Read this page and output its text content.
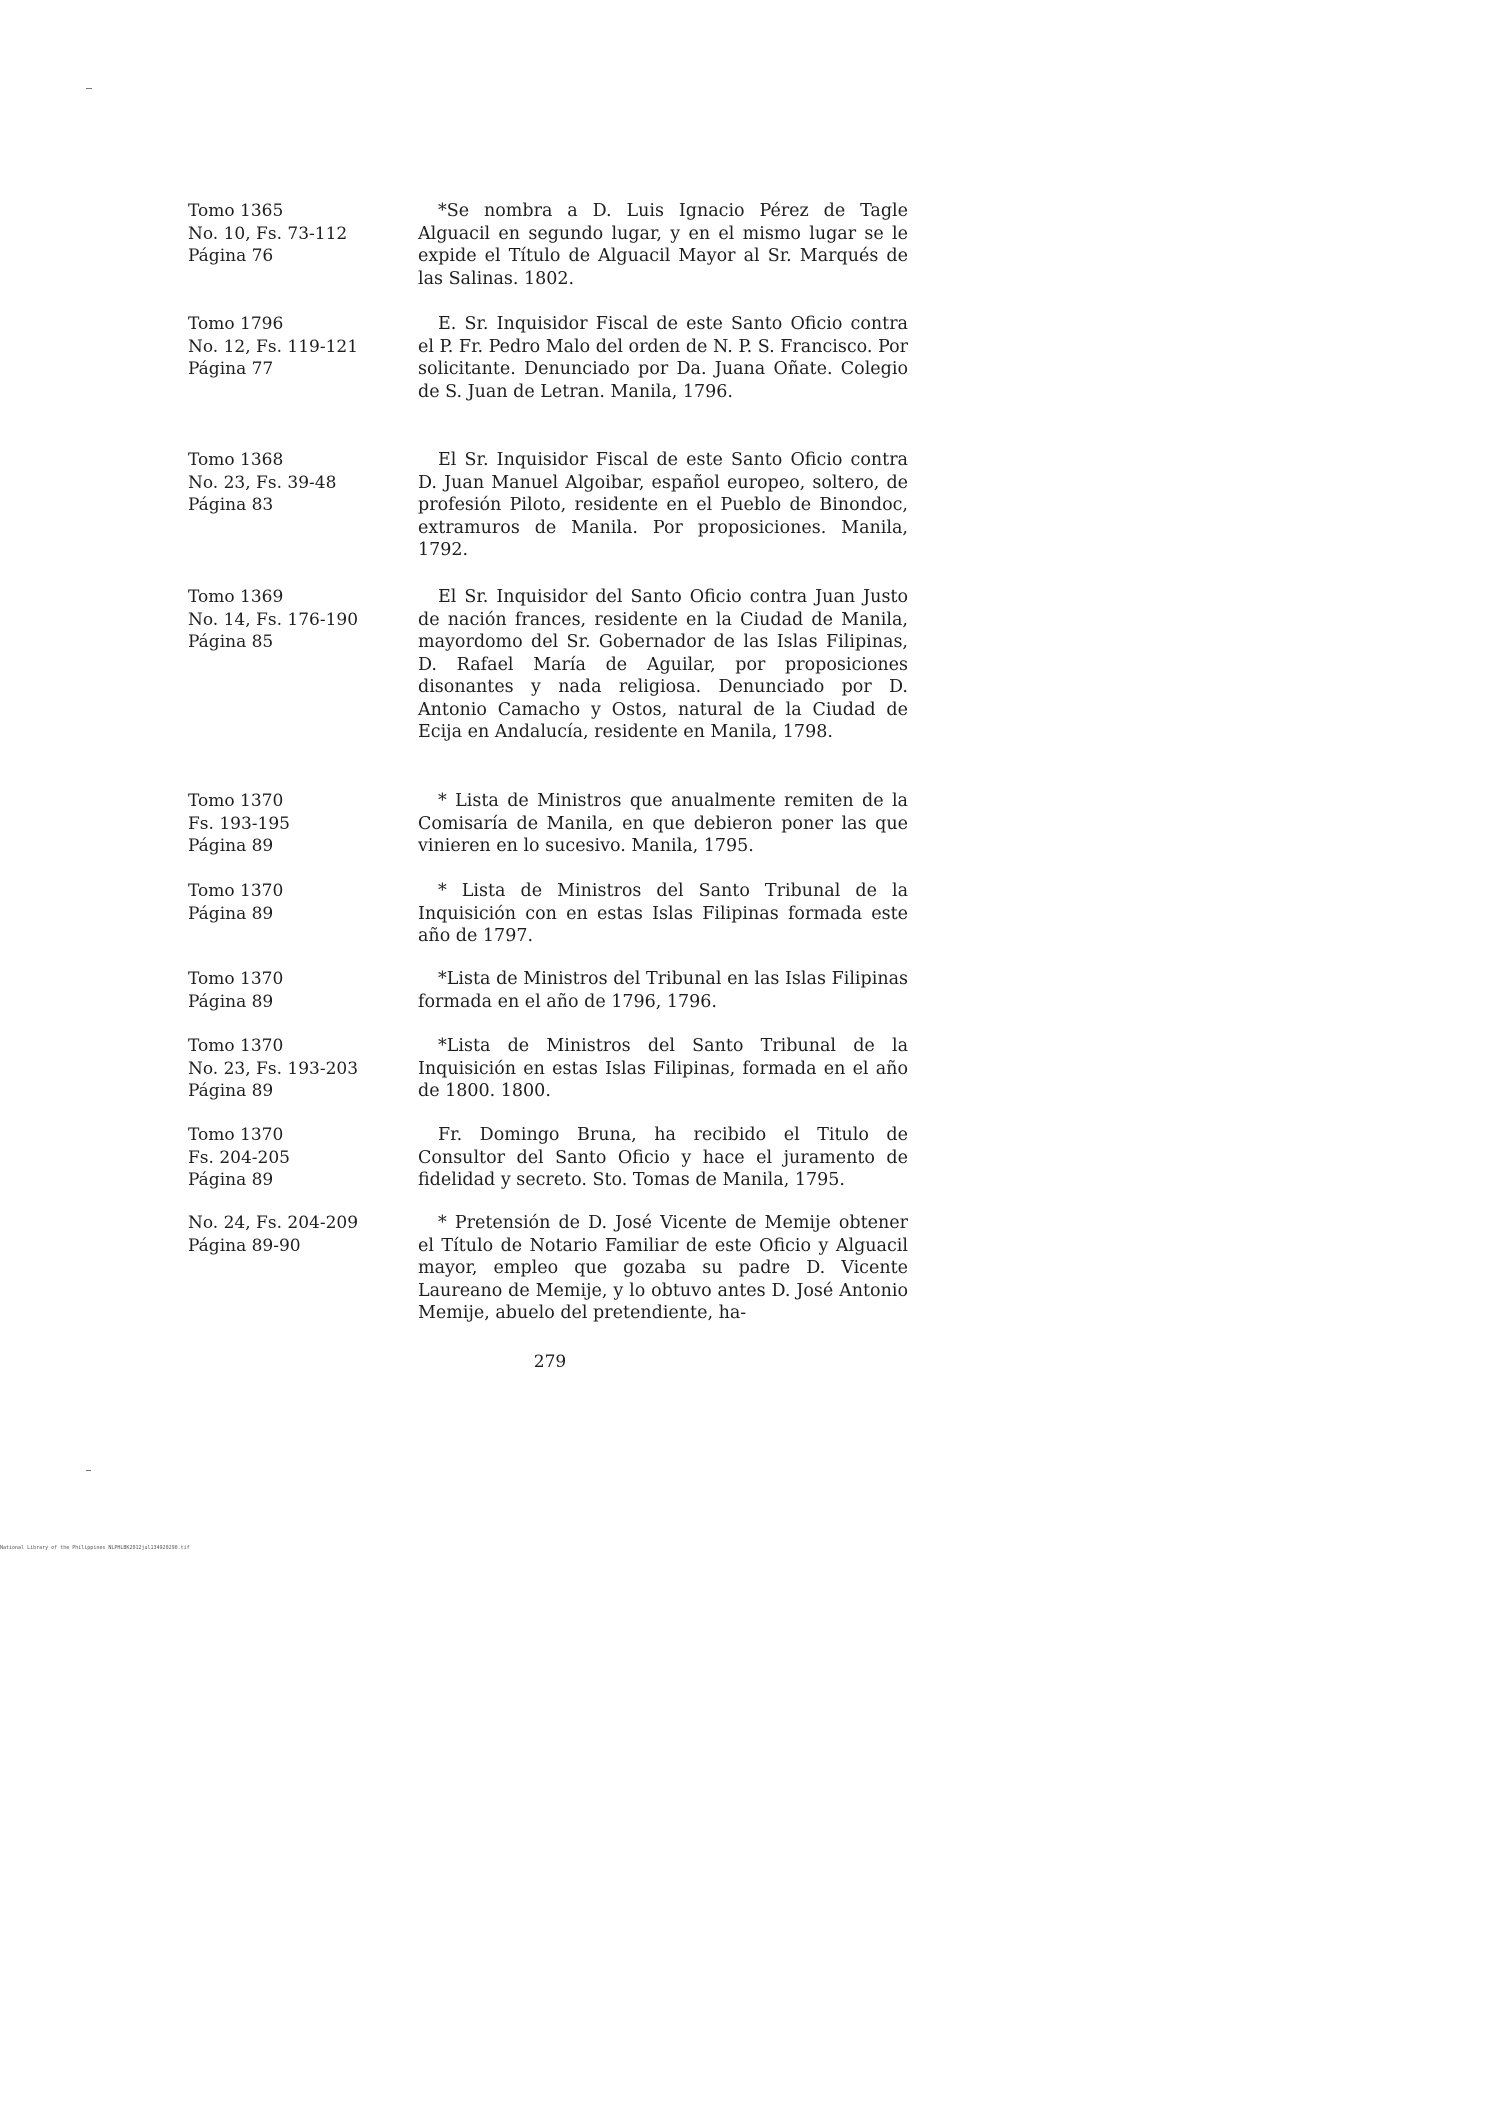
Tomo 1365
No. 10, Fs. 73-112
Página 76
*Se nombra a D. Luis Ignacio Pérez de Tagle Alguacil en segundo lugar, y en el mismo lugar se le expide el Título de Alguacil Mayor al Sr. Marqués de las Salinas. 1802.
Tomo 1796
No. 12, Fs. 119-121
Página 77
E. Sr. Inquisidor Fiscal de este Santo Oficio contra el P. Fr. Pedro Malo del orden de N. P. S. Francisco. Por solicitante. Denunciado por Da. Juana Oñate. Colegio de S. Juan de Letran. Manila, 1796.
Tomo 1368
No. 23, Fs. 39-48
Página 83
El Sr. Inquisidor Fiscal de este Santo Oficio contra D. Juan Manuel Algoibar, español europeo, soltero, de profesión Piloto, residente en el Pueblo de Binondoc, extramuros de Manila. Por proposiciones. Manila, 1792.
Tomo 1369
No. 14, Fs. 176-190
Página 85
El Sr. Inquisidor del Santo Oficio contra Juan Justo de nación frances, residente en la Ciudad de Manila, mayordomo del Sr. Gobernador de las Islas Filipinas, D. Rafael María de Aguilar, por proposiciones disonantes y nada religiosa. Denunciado por D. Antonio Camacho y Ostos, natural de la Ciudad de Ecija en Andalucía, residente en Manila, 1798.
Tomo 1370
Fs. 193-195
Página 89
* Lista de Ministros que anualmente remiten de la Comisaría de Manila, en que debieron poner las que vinieren en lo sucesivo. Manila, 1795.
Tomo 1370
Página 89
* Lista de Ministros del Santo Tribunal de la Inquisición con en estas Islas Filipinas formada este año de 1797.
Tomo 1370
Página 89
*Lista de Ministros del Tribunal en las Islas Filipinas formada en el año de 1796, 1796.
Tomo 1370
No. 23, Fs. 193-203
Página 89
*Lista de Ministros del Santo Tribunal de la Inquisición en estas Islas Filipinas, formada en el año de 1800. 1800.
Tomo 1370
Fs. 204-205
Página 89
Fr. Domingo Bruna, ha recibido el Titulo de Consultor del Santo Oficio y hace el juramento de fidelidad y secreto. Sto. Tomas de Manila, 1795.
No. 24, Fs. 204-209
Página 89-90
* Pretensión de D. José Vicente de Memije obtener el Título de Notario Familiar de este Oficio y Alguacil mayor, empleo que gozaba su padre D. Vicente Laureano de Memije, y lo obtuvo antes D. José Antonio Memije, abuelo del pretendiente, ha-
279
National Library of the Philippines NLPHLBK2012jul134920290.tif
